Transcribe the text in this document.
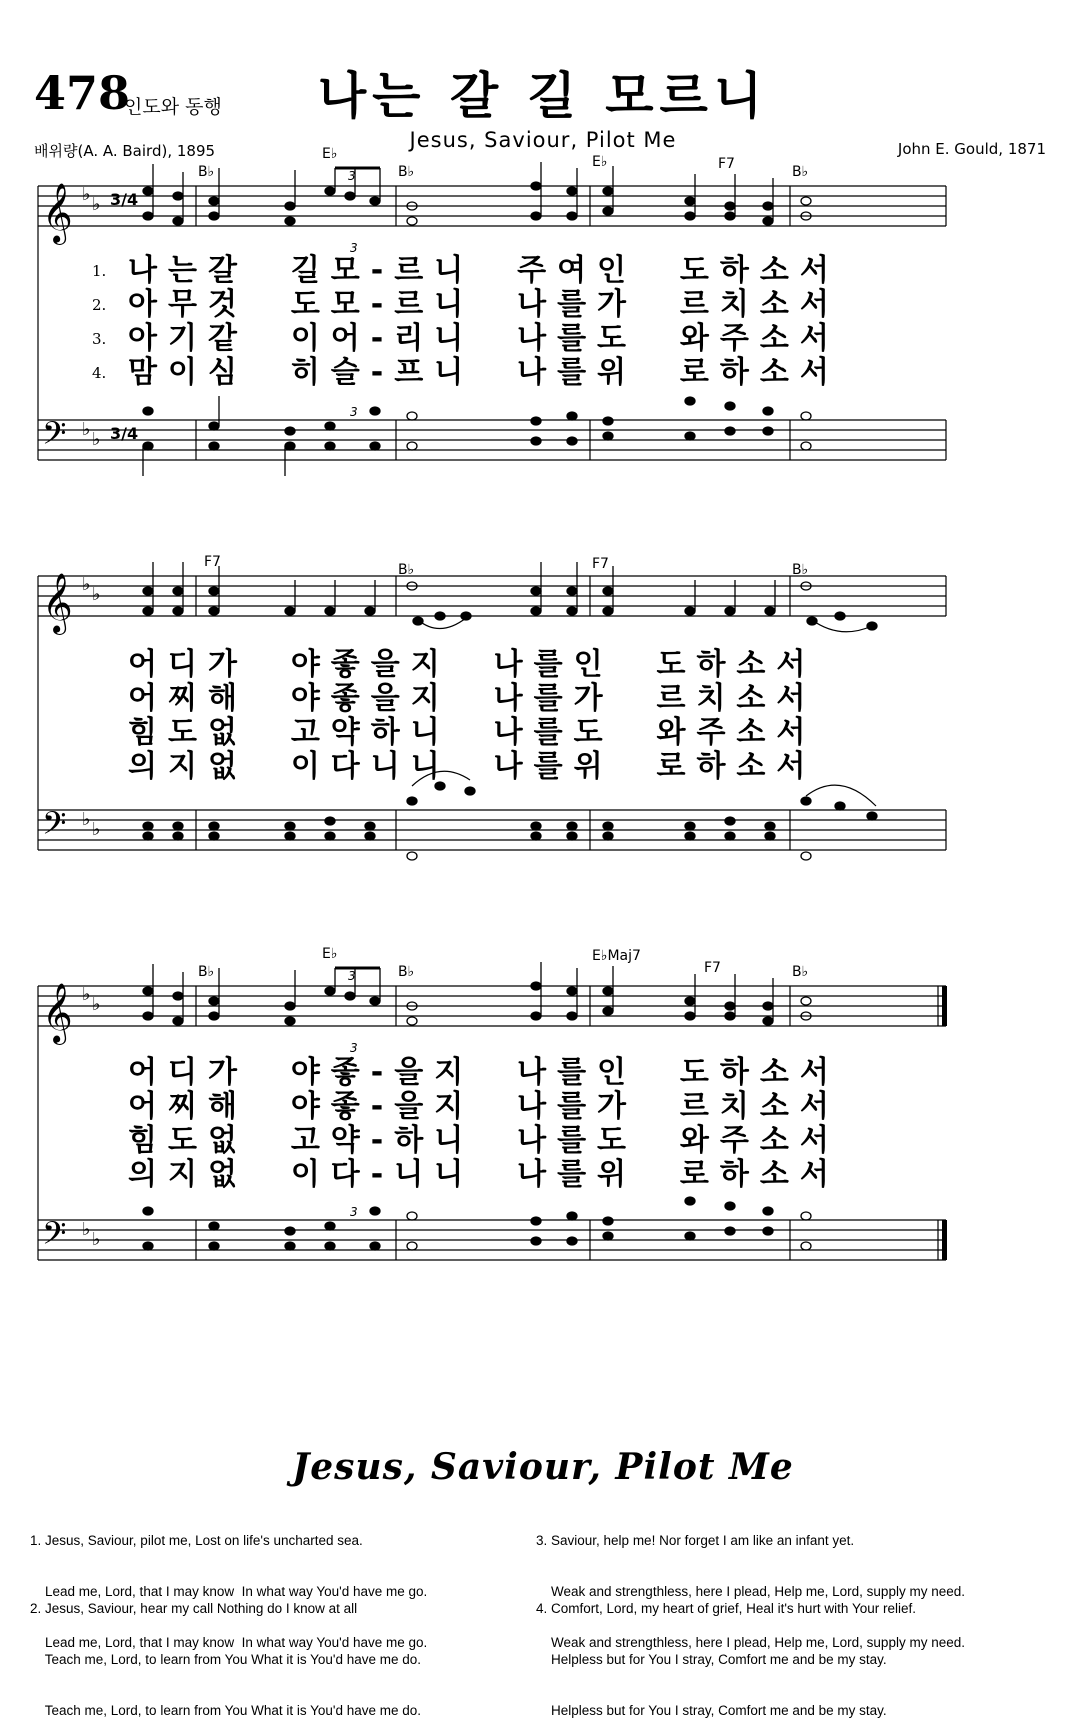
478
인도와 동행	나는 갈 길 모르니
Jesus, Saviour, Pilot Me
배위량(A. A. Baird), 1895	John E. Gould, 1871
𝄞
𝄢
♭ ♭
♭ ♭
3/4
3/4
B♭
E♭
B♭
E♭	F7	B♭
3
3
3
1.
2.
3.
4.
나는갈  길모-르니  주여인  도하소서
아무것  도모-르니  나를가  르치소서
아기같  이어-리니  나를도  와주소서
맘이심  히슬-프니  나를위  로하소서
𝄞
𝄢
♭ ♭
♭ ♭
F7	B♭	F7	B♭
어디가  야좋을지  나를인  도하소서
어찌해  야좋을지  나를가  르치소서
힘도없  고약하니  나를도  와주소서
의지없  이다니니  나를위  로하소서
𝄞
𝄢
♭ ♭
♭ ♭
B♭
E♭
B♭
E♭Maj7
F7	B♭
3
3
3
어디가  야좋-을지  나를인  도하소서
어찌해  야좋-을지  나를가  르치소서
힘도없  고약-하니  나를도  와주소서
의지없  이다-니니  나를위  로하소서
Jesus, Saviour, Pilot Me

1. Jesus, Saviour, pilot me, Lost on life's uncharted sea.

Lead me, Lord, that I may know  In what way You'd have me go.

Lead me, Lord, that I may know  In what way You'd have me go.

2. Jesus, Saviour, hear my call Nothing do I know at all

Teach me, Lord, to learn from You What it is You'd have me do.

Teach me, Lord, to learn from You What it is You'd have me do.

3. Saviour, help me! Nor forget I am like an infant yet.

Weak and strengthless, here I plead, Help me, Lord, supply my need.

Weak and strengthless, here I plead, Help me, Lord, supply my need.

4. Comfort, Lord, my heart of grief, Heal it's hurt with Your relief.

Helpless but for You I stray, Comfort me and be my stay.

Helpless but for You I stray, Comfort me and be my stay.
